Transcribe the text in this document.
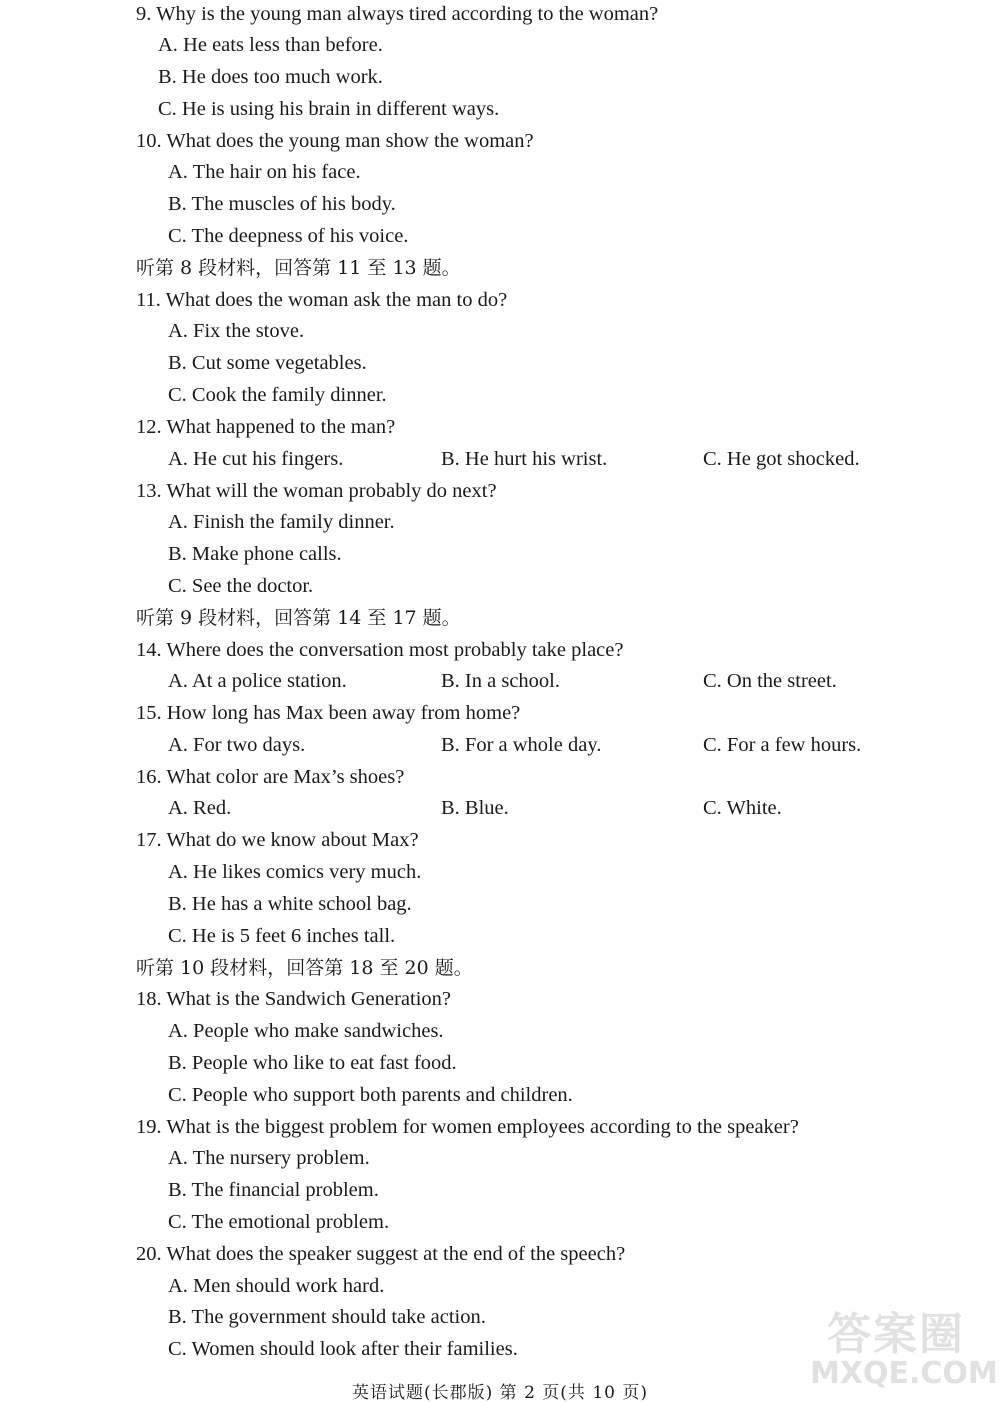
9. Why is the young man always tired according to the woman?
A. He eats less than before.
B. He does too much work.
C. He is using his brain in different ways.
10. What does the young man show the woman?
A. The hair on his face.
B. The muscles of his body.
C. The deepness of his voice.
听第 8 段材料，回答第 11 至 13 题。
11. What does the woman ask the man to do?
A. Fix the stove.
B. Cut some vegetables.
C. Cook the family dinner.
12. What happened to the man?
A. He cut his fingers.	B. He hurt his wrist.	C. He got shocked.
13. What will the woman probably do next?
A. Finish the family dinner.
B. Make phone calls.
C. See the doctor.
听第 9 段材料，回答第 14 至 17 题。
14. Where does the conversation most probably take place?
A. At a police station.	B. In a school.	C. On the street.
15. How long has Max been away from home?
A. For two days.	B. For a whole day.	C. For a few hours.
16. What color are Max’s shoes?
A. Red.	B. Blue.	C. White.
17. What do we know about Max?
A. He likes comics very much.
B. He has a white school bag.
C. He is 5 feet 6 inches tall.
听第 10 段材料，回答第 18 至 20 题。
18. What is the Sandwich Generation?
A. People who make sandwiches.
B. People who like to eat fast food.
C. People who support both parents and children.
19. What is the biggest problem for women employees according to the speaker?
A. The nursery problem.
B. The financial problem.
C. The emotional problem.
20. What does the speaker suggest at the end of the speech?
A. Men should work hard.
B. The government should take action.
C. Women should look after their families.
英语试题(长郡版) 第 2 页(共 10 页)
答案圈
MXQE.COM
